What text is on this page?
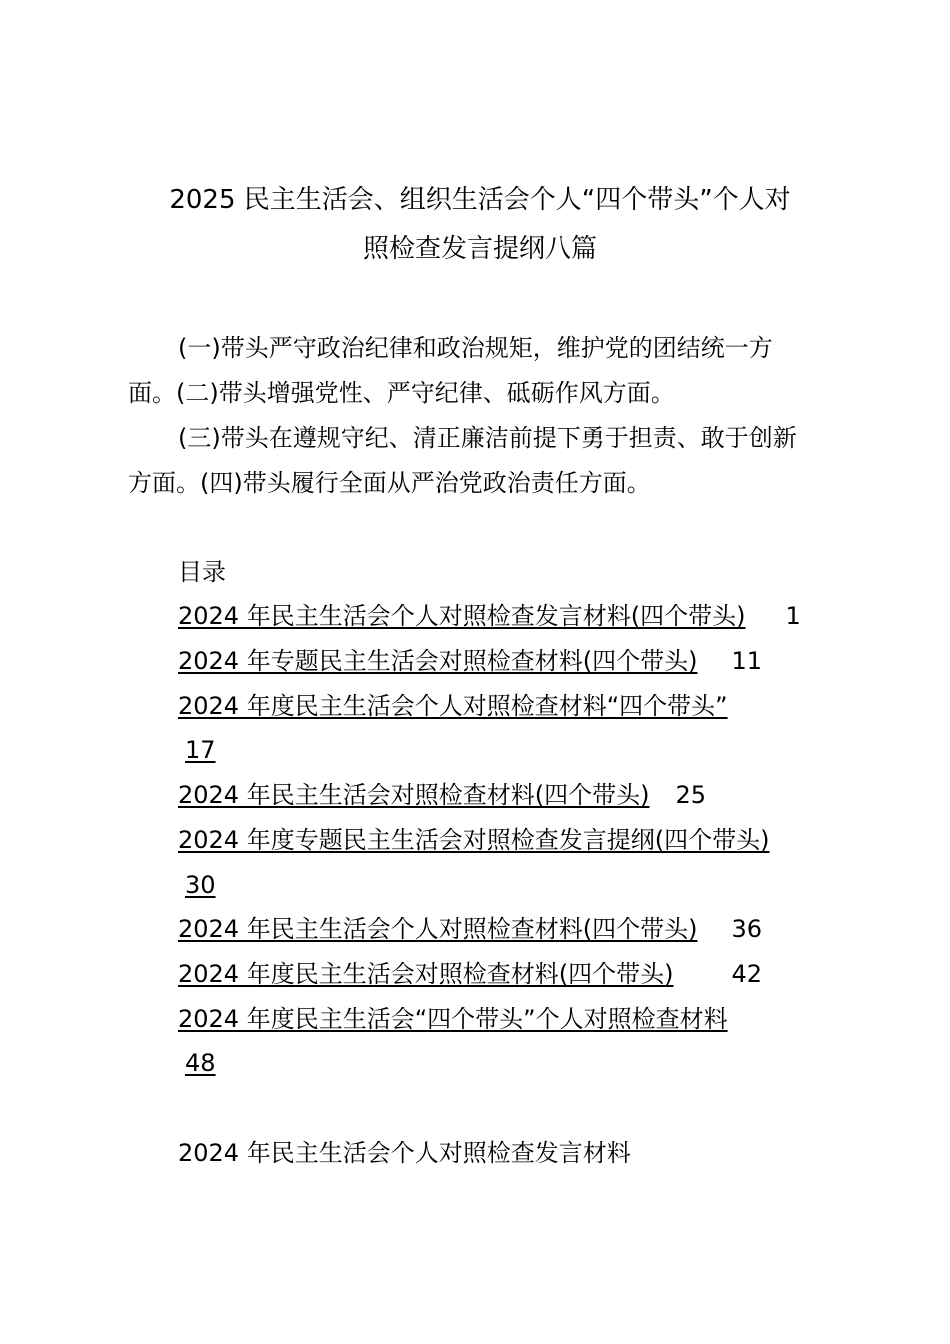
2025 民主生活会、组织生活会个人“四个带头”个人对
照检查发言提纲八篇
(一)带头严守政治纪律和政治规矩，维护党的团结统一方
面。(二)带头增强党性、严守纪律、砥砺作风方面。
(三)带头在遵规守纪、清正廉洁前提下勇于担责、敢于创新
方面。(四)带头履行全面从严治党政治责任方面。
目录
2024 年民主生活会个人对照检查发言材料(四个带头) 1
2024 年专题民主生活会对照检查材料(四个带头) 11
2024 年度民主生活会个人对照检查材料“四个带头”
17
2024 年民主生活会对照检查材料(四个带头) 25
2024 年度专题民主生活会对照检查发言提纲(四个带头)
30
2024 年民主生活会个人对照检查材料(四个带头) 36
2024 年度民主生活会对照检查材料(四个带头) 42
2024 年度民主生活会“四个带头”个人对照检查材料
48
2024 年民主生活会个人对照检查发言材料
